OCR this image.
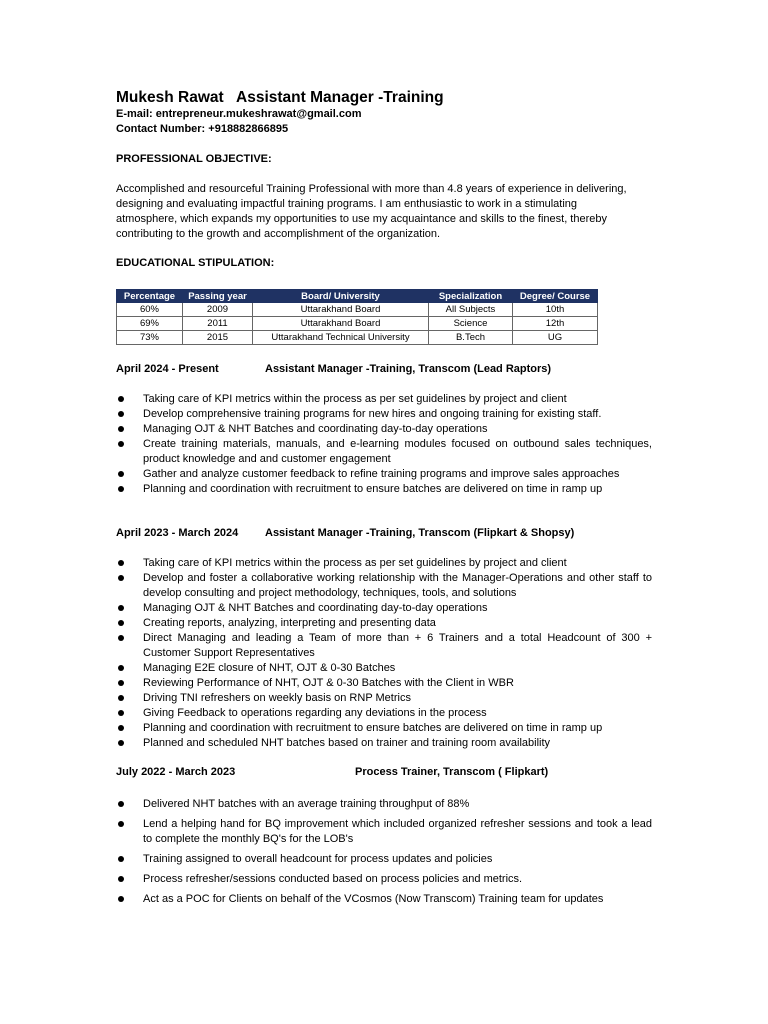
Mukesh Rawat   Assistant Manager -Training
E-mail: entrepreneur.mukeshrawat@gmail.com
Contact Number: +918882866895
PROFESSIONAL OBJECTIVE:
Accomplished and resourceful Training Professional with more than 4.8 years of experience in delivering, designing and evaluating impactful training programs. I am enthusiastic to work in a stimulating atmosphere, which expands my opportunities to use my acquaintance and skills to the finest, thereby contributing to the growth and accomplishment of the organization.
EDUCATIONAL STIPULATION:
Percentage	Passing year	Board/ University	Specialization	Degree/ Course
60%	2009	Uttarakhand Board	All Subjects	10th
69%	2011	Uttarakhand Board	Science	12th
73%	2015	Uttarakhand Technical University	B.Tech	UG
April 2024 - Present	Assistant Manager -Training, Transcom (Lead Raptors)
Taking care of KPI metrics within the process as per set guidelines by project and client
Develop comprehensive training programs for new hires and ongoing training for existing staff.
Managing OJT & NHT Batches and coordinating day-to-day operations
Create training materials, manuals, and e-learning modules focused on outbound sales techniques, product knowledge and and customer engagement
Gather and analyze customer feedback to refine training programs and improve sales approaches
Planning and coordination with recruitment to ensure batches are delivered on time in ramp up
April 2023 - March 2024 Assistant Manager -Training, Transcom (Flipkart & Shopsy)
Taking care of KPI metrics within the process as per set guidelines by project and client
Develop and foster a collaborative working relationship with the Manager-Operations and other staff to develop consulting and project methodology, techniques, tools, and solutions
Managing OJT & NHT Batches and coordinating day-to-day operations
Creating reports, analyzing, interpreting and presenting data
Direct Managing and leading a Team of more than + 6 Trainers and a total Headcount of 300 + Customer Support Representatives
Managing E2E closure of NHT, OJT & 0-30 Batches
Reviewing Performance of NHT, OJT & 0-30 Batches with the Client in WBR
Driving TNI refreshers on weekly basis on RNP Metrics
Giving Feedback to operations regarding any deviations in the process
Planning and coordination with recruitment to ensure batches are delivered on time in ramp up
Planned and scheduled NHT batches based on trainer and training room availability
July 2022 - March 2023	Process Trainer, Transcom ( Flipkart)
Delivered NHT batches with an average training throughput of 88%
Lend a helping hand for BQ improvement which included organized refresher sessions and took a lead to complete the monthly BQ's for the LOB's
Training assigned to overall headcount for process updates and policies
Process refresher/sessions conducted based on process policies and metrics.
Act as a POC for Clients on behalf of the VCosmos (Now Transcom) Training team for updates
